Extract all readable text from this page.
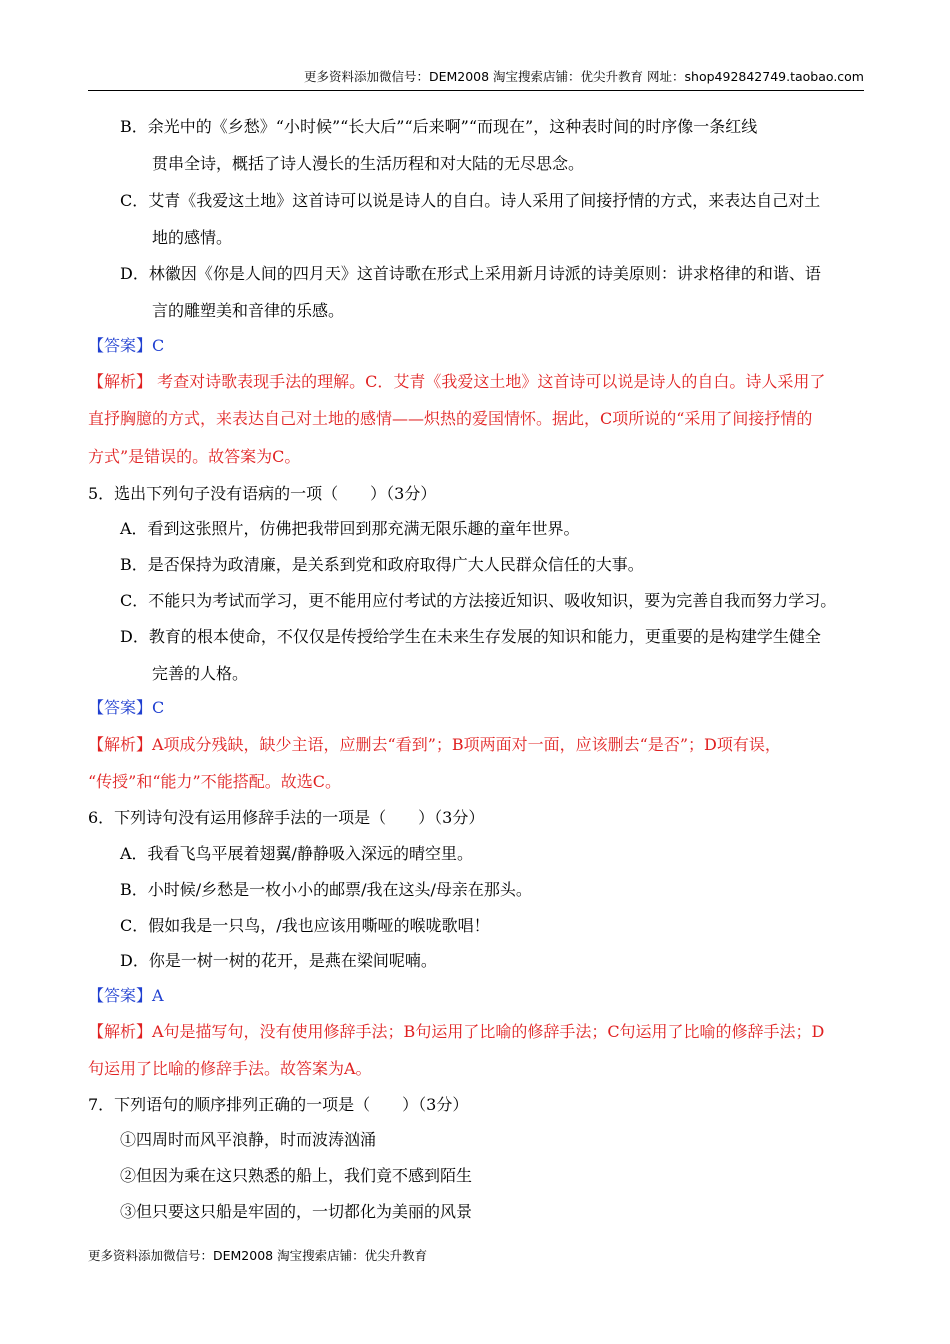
更多资料添加微信号：DEM2008 淘宝搜索店铺：优尖升教育 网址：shop492842749.taobao.com
B．余光中的《乡愁》“小时候”“长大后”“后来啊”“而现在”，这种表时间的时序像一条红线
贯串全诗，概括了诗人漫长的生活历程和对大陆的无尽思念。
C．艾青《我爱这土地》这首诗可以说是诗人的自白。诗人采用了间接抒情的方式，来表达自己对土
地的感情。
D．林徽因《你是人间的四月天》这首诗歌在形式上采用新月诗派的诗美原则：讲求格律的和谐、语
言的雕塑美和音律的乐感。
【答案】C
【解析】 考查对诗歌表现手法的理解。C．艾青《我爱这土地》这首诗可以说是诗人的自白。诗人采用了
直抒胸臆的方式，来表达自己对土地的感情——炽热的爱国情怀。据此，C项所说的“采用了间接抒情的
方式”是错误的。故答案为C。
5．选出下列句子没有语病的一项（　　）（3分）
A．看到这张照片，仿佛把我带回到那充满无限乐趣的童年世界。
B．是否保持为政清廉，是关系到党和政府取得广大人民群众信任的大事。
C．不能只为考试而学习，更不能用应付考试的方法接近知识、吸收知识，要为完善自我而努力学习。
D．教育的根本使命，不仅仅是传授给学生在未来生存发展的知识和能力，更重要的是构建学生健全
完善的人格。
【答案】C
【解析】A项成分残缺，缺少主语，应删去“看到”；B项两面对一面，应该删去“是否”；D项有误，
“传授”和“能力”不能搭配。故选C。
6．下列诗句没有运用修辞手法的一项是（　　）（3分）
A．我看飞鸟平展着翅翼/静静吸入深远的晴空里。
B．小时候/乡愁是一枚小小的邮票/我在这头/母亲在那头。
C．假如我是一只鸟，/我也应该用嘶哑的喉咙歌唱！
D．你是一树一树的花开，是燕在梁间呢喃。
【答案】A
【解析】A句是描写句，没有使用修辞手法；B句运用了比喻的修辞手法；C句运用了比喻的修辞手法；D
句运用了比喻的修辞手法。故答案为A。
7．下列语句的顺序排列正确的一项是（　　）（3分）
①四周时而风平浪静，时而波涛汹涌
②但因为乘在这只熟悉的船上，我们竟不感到陌生
③但只要这只船是牢固的，一切都化为美丽的风景
更多资料添加微信号：DEM2008 淘宝搜索店铺：优尖升教育
